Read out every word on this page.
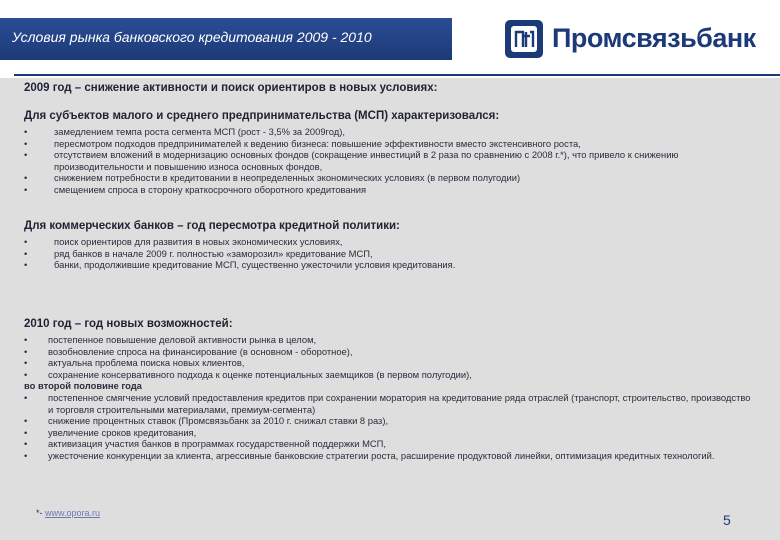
Условия рынка банковского кредитования 2009 - 2010	Промсвязьбанк
2009 год – снижение активности и поиск ориентиров в новых условиях:
Для субъектов малого и среднего предпринимательства (МСП) характеризовался:
•	замедлением темпа роста сегмента МСП (рост - 3,5% за 2009год),
•	пересмотром подходов предпринимателей к ведению бизнеса: повышение эффективности вместо экстенсивного роста,
•	отсутствием вложений в модернизацию основных фондов (сокращение инвестиций в 2 раза по сравнению с 2008 г.*), что привело к снижению производительности и повышению износа основных фондов,
•	снижением потребности в кредитовании в неопределенных экономических условиях (в первом полугодии)
•	смещением спроса в сторону краткосрочного оборотного кредитования
Для коммерческих банков – год пересмотра кредитной политики:
•	поиск ориентиров для развития в новых экономических условиях,
•	ряд банков в начале 2009 г. полностью «заморозил» кредитование МСП,
•	банки, продолжившие кредитование МСП, существенно ужесточили условия кредитования.
2010 год – год новых возможностей:
• постепенное повышение деловой активности рынка в целом,
• возобновление спроса на финансирование (в основном - оборотное),
• актуальна проблема поиска новых клиентов,
• сохранение консервативного подхода к оценке потенциальных заемщиков (в первом полугодии),
во второй половине года
• постепенное смягчение условий предоставления кредитов при сохранении моратория на кредитование ряда отраслей (транспорт, строительство, производство и торговля строительными материалами, премиум-сегмента)
• снижение процентных ставок (Промсвязьбанк за 2010 г. снижал ставки 8 раз),
• увеличение сроков кредитования,
• активизация участия банков в программах государственной поддержки МСП,
• ужесточение конкуренции за клиента, агрессивные банковские стратегии роста, расширение продуктовой линейки, оптимизация кредитных технологий.
*- www.opora.ru	5
